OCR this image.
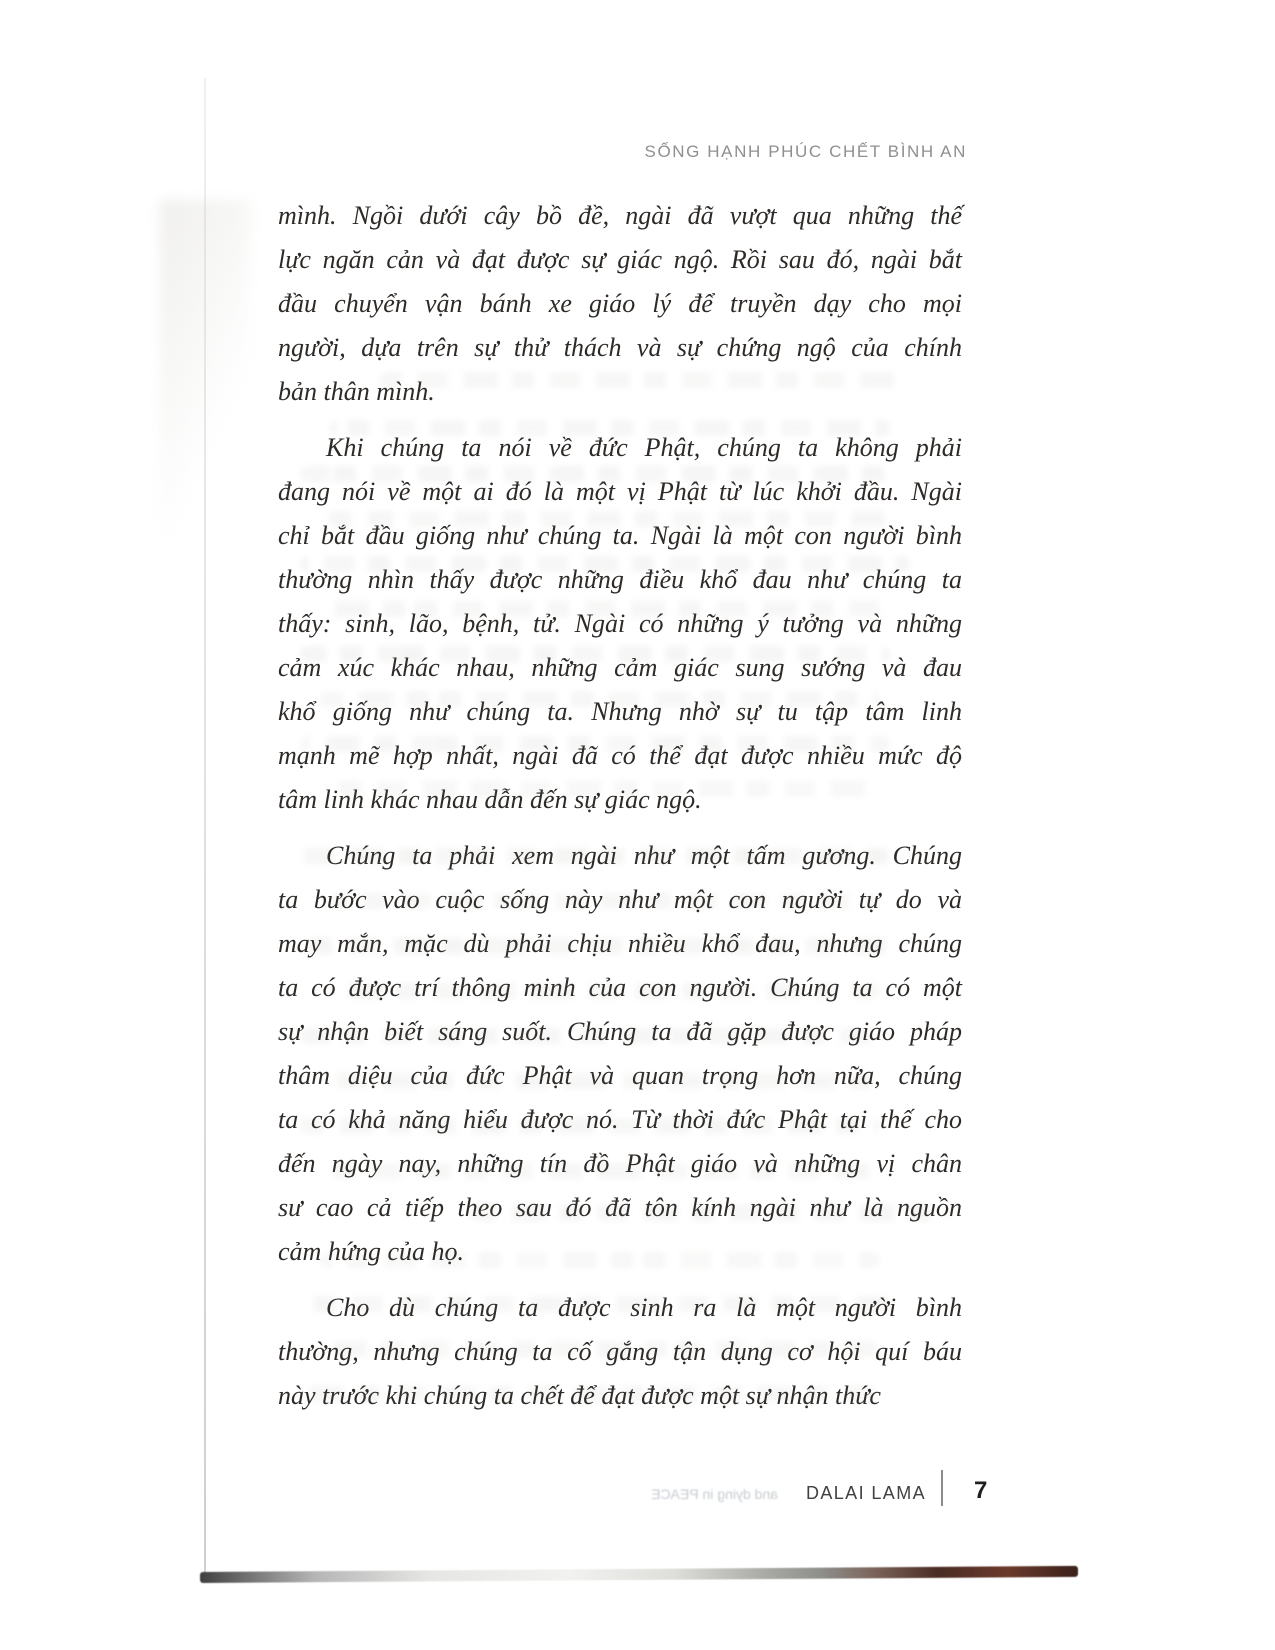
SỐNG HẠNH PHÚC CHẾT BÌNH AN
mình. Ngồi dưới cây bồ đề, ngài đã vượt qua những thế
lực ngăn cản và đạt được sự giác ngộ. Rồi sau đó, ngài bắt
đầu chuyển vận bánh xe giáo lý để truyền dạy cho mọi
người, dựa trên sự thử thách và sự chứng ngộ của chính
bản thân mình.
Khi chúng ta nói về đức Phật, chúng ta không phải
đang nói về một ai đó là một vị Phật từ lúc khởi đầu. Ngài
chỉ bắt đầu giống như chúng ta. Ngài là một con người bình
thường nhìn thấy được những điều khổ đau như chúng ta
thấy: sinh, lão, bệnh, tử. Ngài có những ý tưởng và những
cảm xúc khác nhau, những cảm giác sung sướng và đau
khổ giống như chúng ta. Nhưng nhờ sự tu tập tâm linh
mạnh mẽ hợp nhất, ngài đã có thể đạt được nhiều mức độ
tâm linh khác nhau dẫn đến sự giác ngộ.
Chúng ta phải xem ngài như một tấm gương. Chúng
ta bước vào cuộc sống này như một con người tự do và
may mắn, mặc dù phải chịu nhiều khổ đau, nhưng chúng
ta có được trí thông minh của con người. Chúng ta có một
sự nhận biết sáng suốt. Chúng ta đã gặp được giáo pháp
thâm diệu của đức Phật và quan trọng hơn nữa, chúng
ta có khả năng hiểu được nó. Từ thời đức Phật tại thế cho
đến ngày nay, những tín đồ Phật giáo và những vị chân
sư cao cả tiếp theo sau đó đã tôn kính ngài như là nguồn
cảm hứng của họ.
Cho dù chúng ta được sinh ra là một người bình
thường, nhưng chúng ta cố gắng tận dụng cơ hội quí báu
này trước khi chúng ta chết để đạt được một sự nhận thức
and dying in PEACE DALAI LAMA 7
